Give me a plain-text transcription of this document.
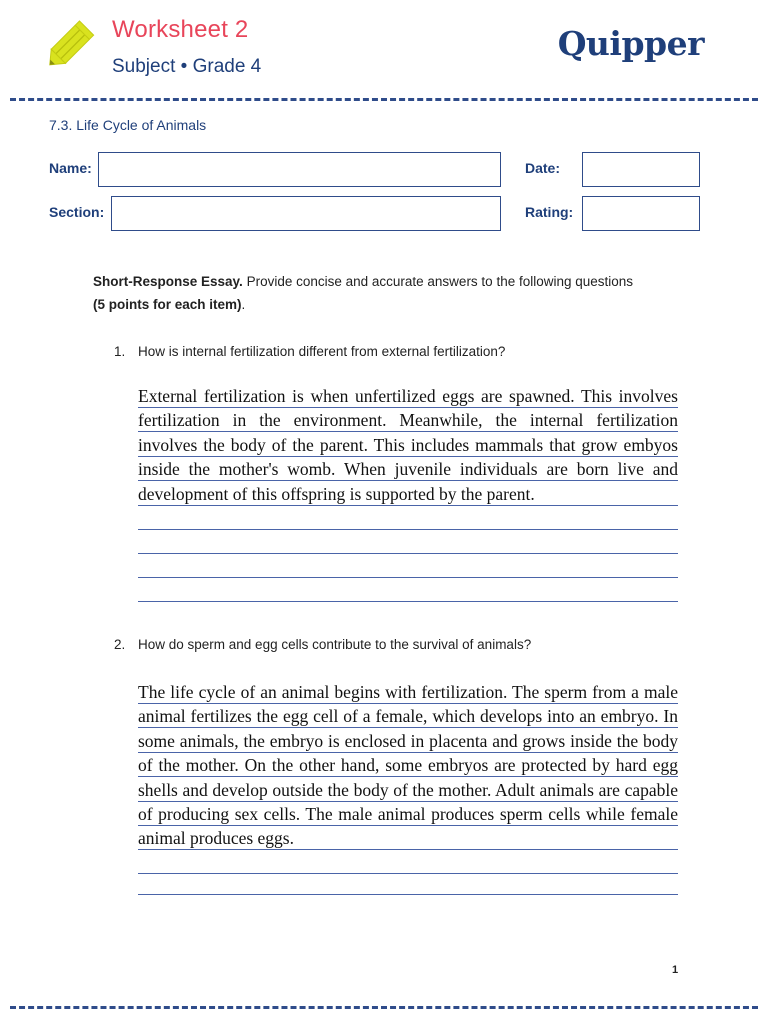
Worksheet 2
Subject • Grade 4
Quipper
7.3. Life Cycle of Animals
Name:	Date:
Section:	Rating:
Short-Response Essay. Provide concise and accurate answers to the following questions
(5 points for each item).
1. How is internal fertilization different from external fertilization?

External fertilization is when unfertilized eggs are spawned. This involves fertilization in the environment. Meanwhile, the internal fertilization involves the body of the parent. This includes mammals that grow embyos inside the mother's womb. When juvenile individuals are born live and development of this offspring is supported by the parent.

2. How do sperm and egg cells contribute to the survival of animals?

The life cycle of an animal begins with fertilization. The sperm from a male animal fertilizes the egg cell of a female, which develops into an embryo. In some animals, the embryo is enclosed in placenta and grows inside the body of the mother. On the other hand, some embryos are protected by hard egg shells and develop outside the body of the mother. Adult animals are capable of producing sex cells. The male animal produces sperm cells while female animal produces eggs.

1
